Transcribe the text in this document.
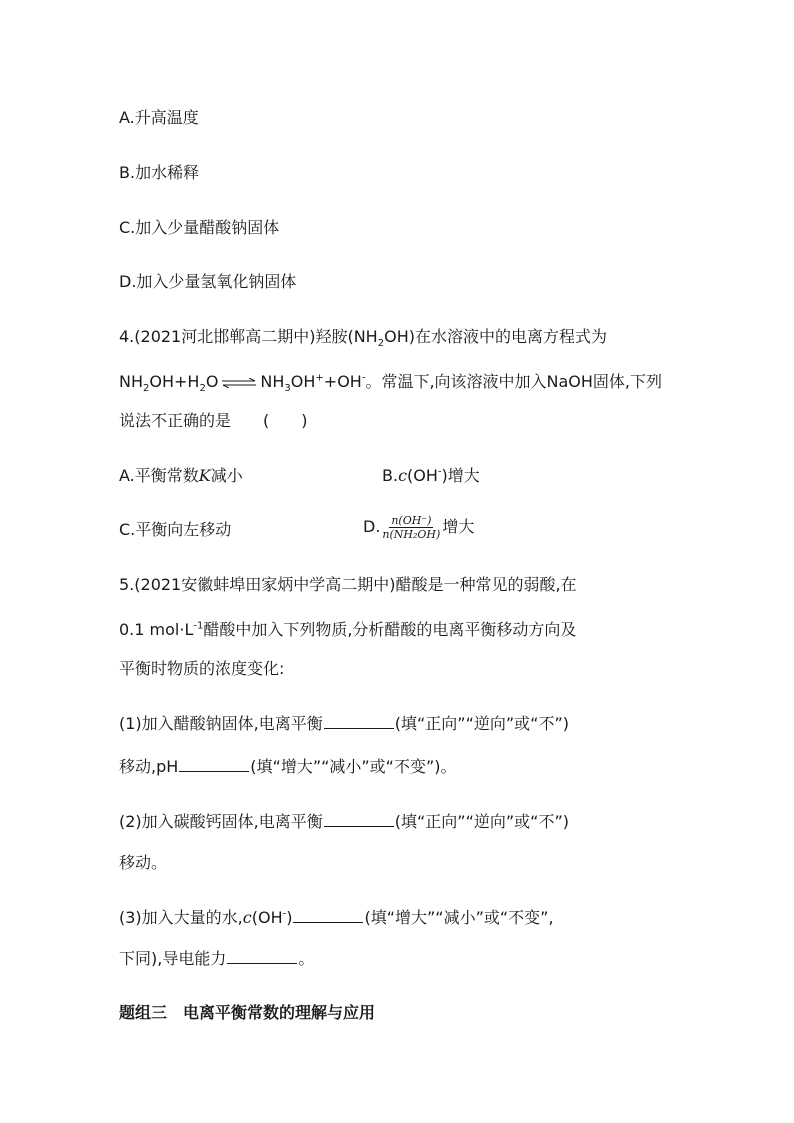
A.升高温度
B.加水稀释
C.加入少量醋酸钠固体
D.加入少量氢氧化钠固体
4.(2021河北邯郸高二期中)羟胺$(NH_2OH)$在水溶液中的电离方程式为
$NH_2OH+H_2O$ ⇌ $NH_3OH^++OH^-$。常温下,向该溶液中加入NaOH固体,下列
说法不正确的是　　(　　)
A.平衡常数K减小	B.c(OH-)增大
C.平衡向左移动	D. $\frac{n(OH^-)}{\text{n(NH₂OH)}}$ 增大
5.(2021安徽蚌埠田家炳中学高二期中)醋酸是一种常见的弱酸,在
0.1 $mol\cdot L^{-1}$醋酸中加入下列物质,分析醋酸的电离平衡移动方向及
平衡时物质的浓度变化:
(1)加入醋酸钠固体,电离平衡	(填“正向”“逆向”或“不”)
移动,pH	(填“增大”“减小”或“不变”)。
(2)加入碳酸钙固体,电离平衡	(填“正向”“逆向”或“不”)
移动。
(3)加入大量的水,c(OH-)	(填“增大”“减小”或“不变”,
下同),导电能力	。
题组三　电离平衡常数的理解与应用
